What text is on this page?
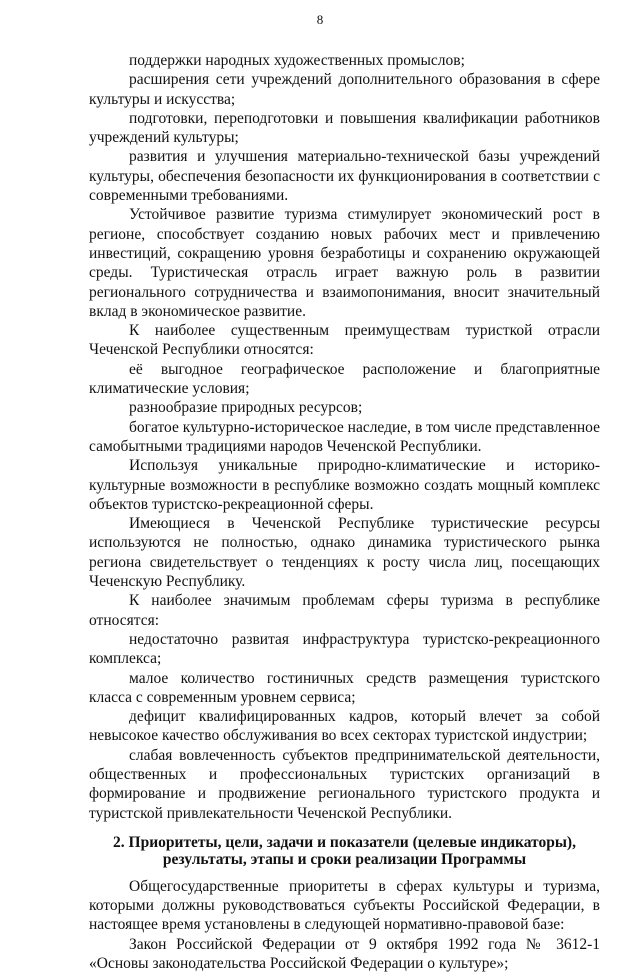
8

поддержки народных художественных промыслов;

расширения сети учреждений дополнительного образования в сфере культуры и искусства;

подготовки, переподготовки и повышения квалификации работников учреждений культуры;

развития и улучшения материально-технической базы учреждений культуры, обеспечения безопасности их функционирования в соответствии с современными требованиями.

Устойчивое развитие туризма стимулирует экономический рост в регионе, способствует созданию новых рабочих мест и привлечению инвестиций, сокращению уровня безработицы и сохранению окружающей среды. Туристическая отрасль играет важную роль в развитии регионального сотрудничества и взаимопонимания, вносит значительный вклад в экономическое развитие.

К наиболее существенным преимуществам туристкой отрасли Чеченской Республики относятся:

её выгодное географическое расположение и благоприятные климатические условия;

разнообразие природных ресурсов;

богатое культурно-историческое наследие, в том числе представленное самобытными традициями народов Чеченской Республики.

Используя уникальные природно-климатические и историко-культурные возможности в республике возможно создать мощный комплекс объектов туристско-рекреационной сферы.

Имеющиеся в Чеченской Республике туристические ресурсы используются не полностью, однако динамика туристического рынка региона свидетельствует о тенденциях к росту числа лиц, посещающих Чеченскую Республику.

К наиболее значимым проблемам сферы туризма в республике относятся:

недостаточно развитая инфраструктура туристско-рекреационного комплекса;

малое количество гостиничных средств размещения туристского класса с современным уровнем сервиса;

дефицит квалифицированных кадров, который влечет за собой невысокое качество обслуживания во всех секторах туристской индустрии;

слабая вовлеченность субъектов предпринимательской деятельности, общественных и профессиональных туристских организаций в формирование и продвижение регионального туристского продукта и туристской привлекательности Чеченской Республики.

2. Приоритеты, цели, задачи и показатели (целевые индикаторы),
результаты, этапы и сроки реализации Программы

Общегосударственные приоритеты в сферах культуры и туризма, которыми должны руководствоваться субъекты Российской Федерации, в настоящее время установлены в следующей нормативно-правовой базе:

Закон Российской Федерации от 9 октября 1992 года № 3612-1 «Основы законодательства Российской Федерации о культуре»;
